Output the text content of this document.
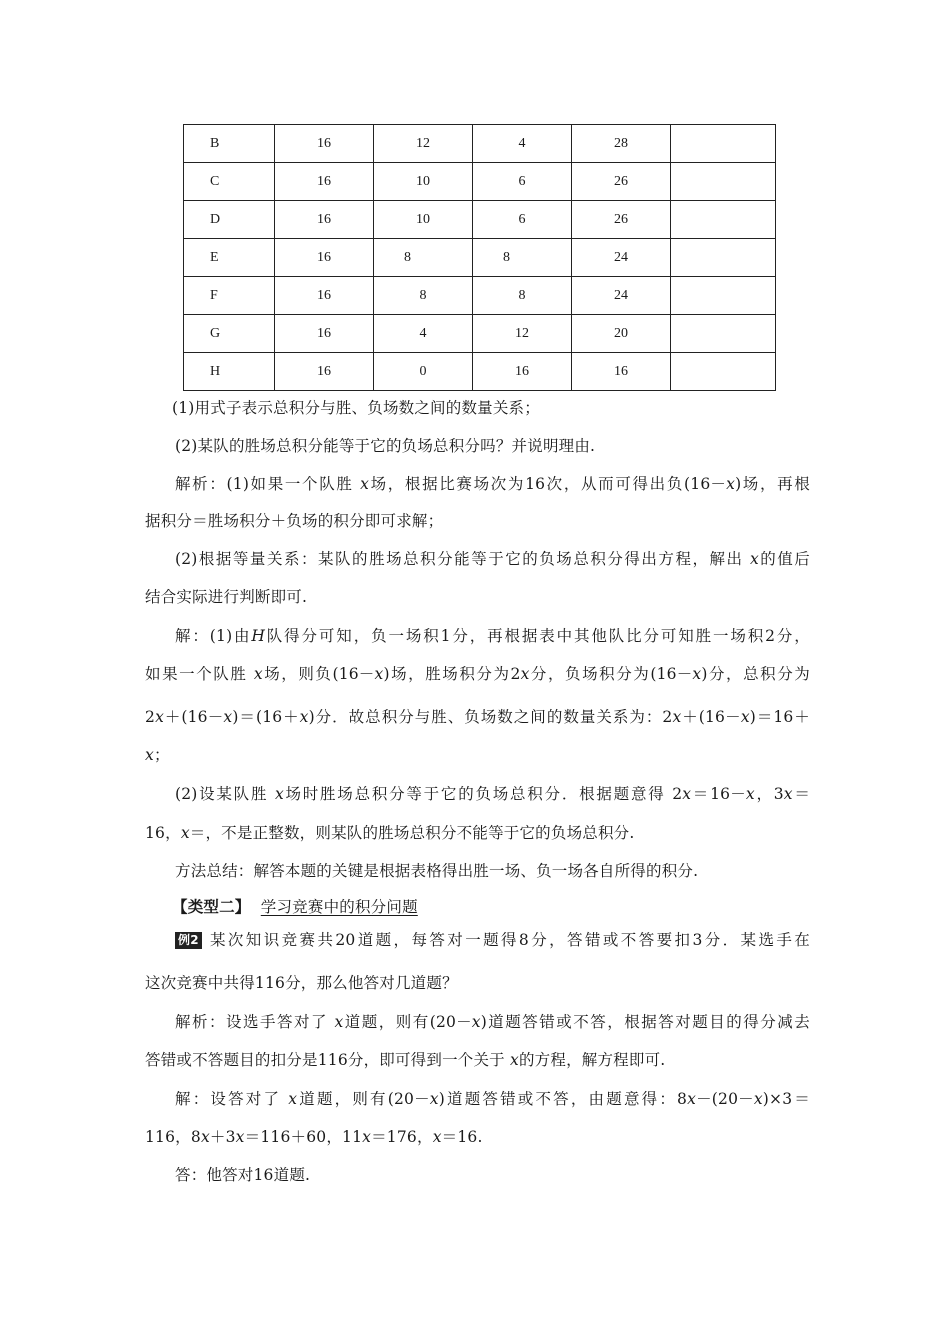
B	16	12	4	28	
C	16	10	6	26	
D	16	10	6	26	
E	16	8	8	24	
F	16	8	8	24	
G	16	4	12	20	
H	16	0	16	16	
(1)用式子表示总积分与胜、负场数之间的数量关系；
(2)某队的胜场总积分能等于它的负场总积分吗？并说明理由.
解析：(1)如果一个队胜 x场，根据比赛场次为16次，从而可得出负(16－x)场，再根
据积分＝胜场积分＋负场的积分即可求解；
(2)根据等量关系：某队的胜场总积分能等于它的负场总积分得出方程，解出 x的值后
结合实际进行判断即可.
解：(1)由H队得分可知，负一场积1分，再根据表中其他队比分可知胜一场积2分，
如果一个队胜 x场，则负(16－x)场，胜场积分为2x分，负场积分为(16－x)分，总积分为
2x＋(16－x)＝(16＋x)分．故总积分与胜、负场数之间的数量关系为：2x＋(16－x)＝16＋
x；
(2)设某队胜 x场时胜场总积分等于它的负场总积分．根据题意得 2x＝16－x，3x＝
16，x＝，不是正整数，则某队的胜场总积分不能等于它的负场总积分.
方法总结：解答本题的关键是根据表格得出胜一场、负一场各自所得的积分.
【类型二】 学习竞赛中的积分问题
例2 某次知识竞赛共20道题，每答对一题得8分，答错或不答要扣3分．某选手在
这次竞赛中共得116分，那么他答对几道题？
解析：设选手答对了 x道题，则有(20－x)道题答错或不答，根据答对题目的得分减去
答错或不答题目的扣分是116分，即可得到一个关于 x的方程，解方程即可.
解：设答对了 x道题，则有(20－x)道题答错或不答，由题意得：8x－(20－x)×3＝
116，8x＋3x＝116＋60，11x＝176，x＝16.
答：他答对16道题.
